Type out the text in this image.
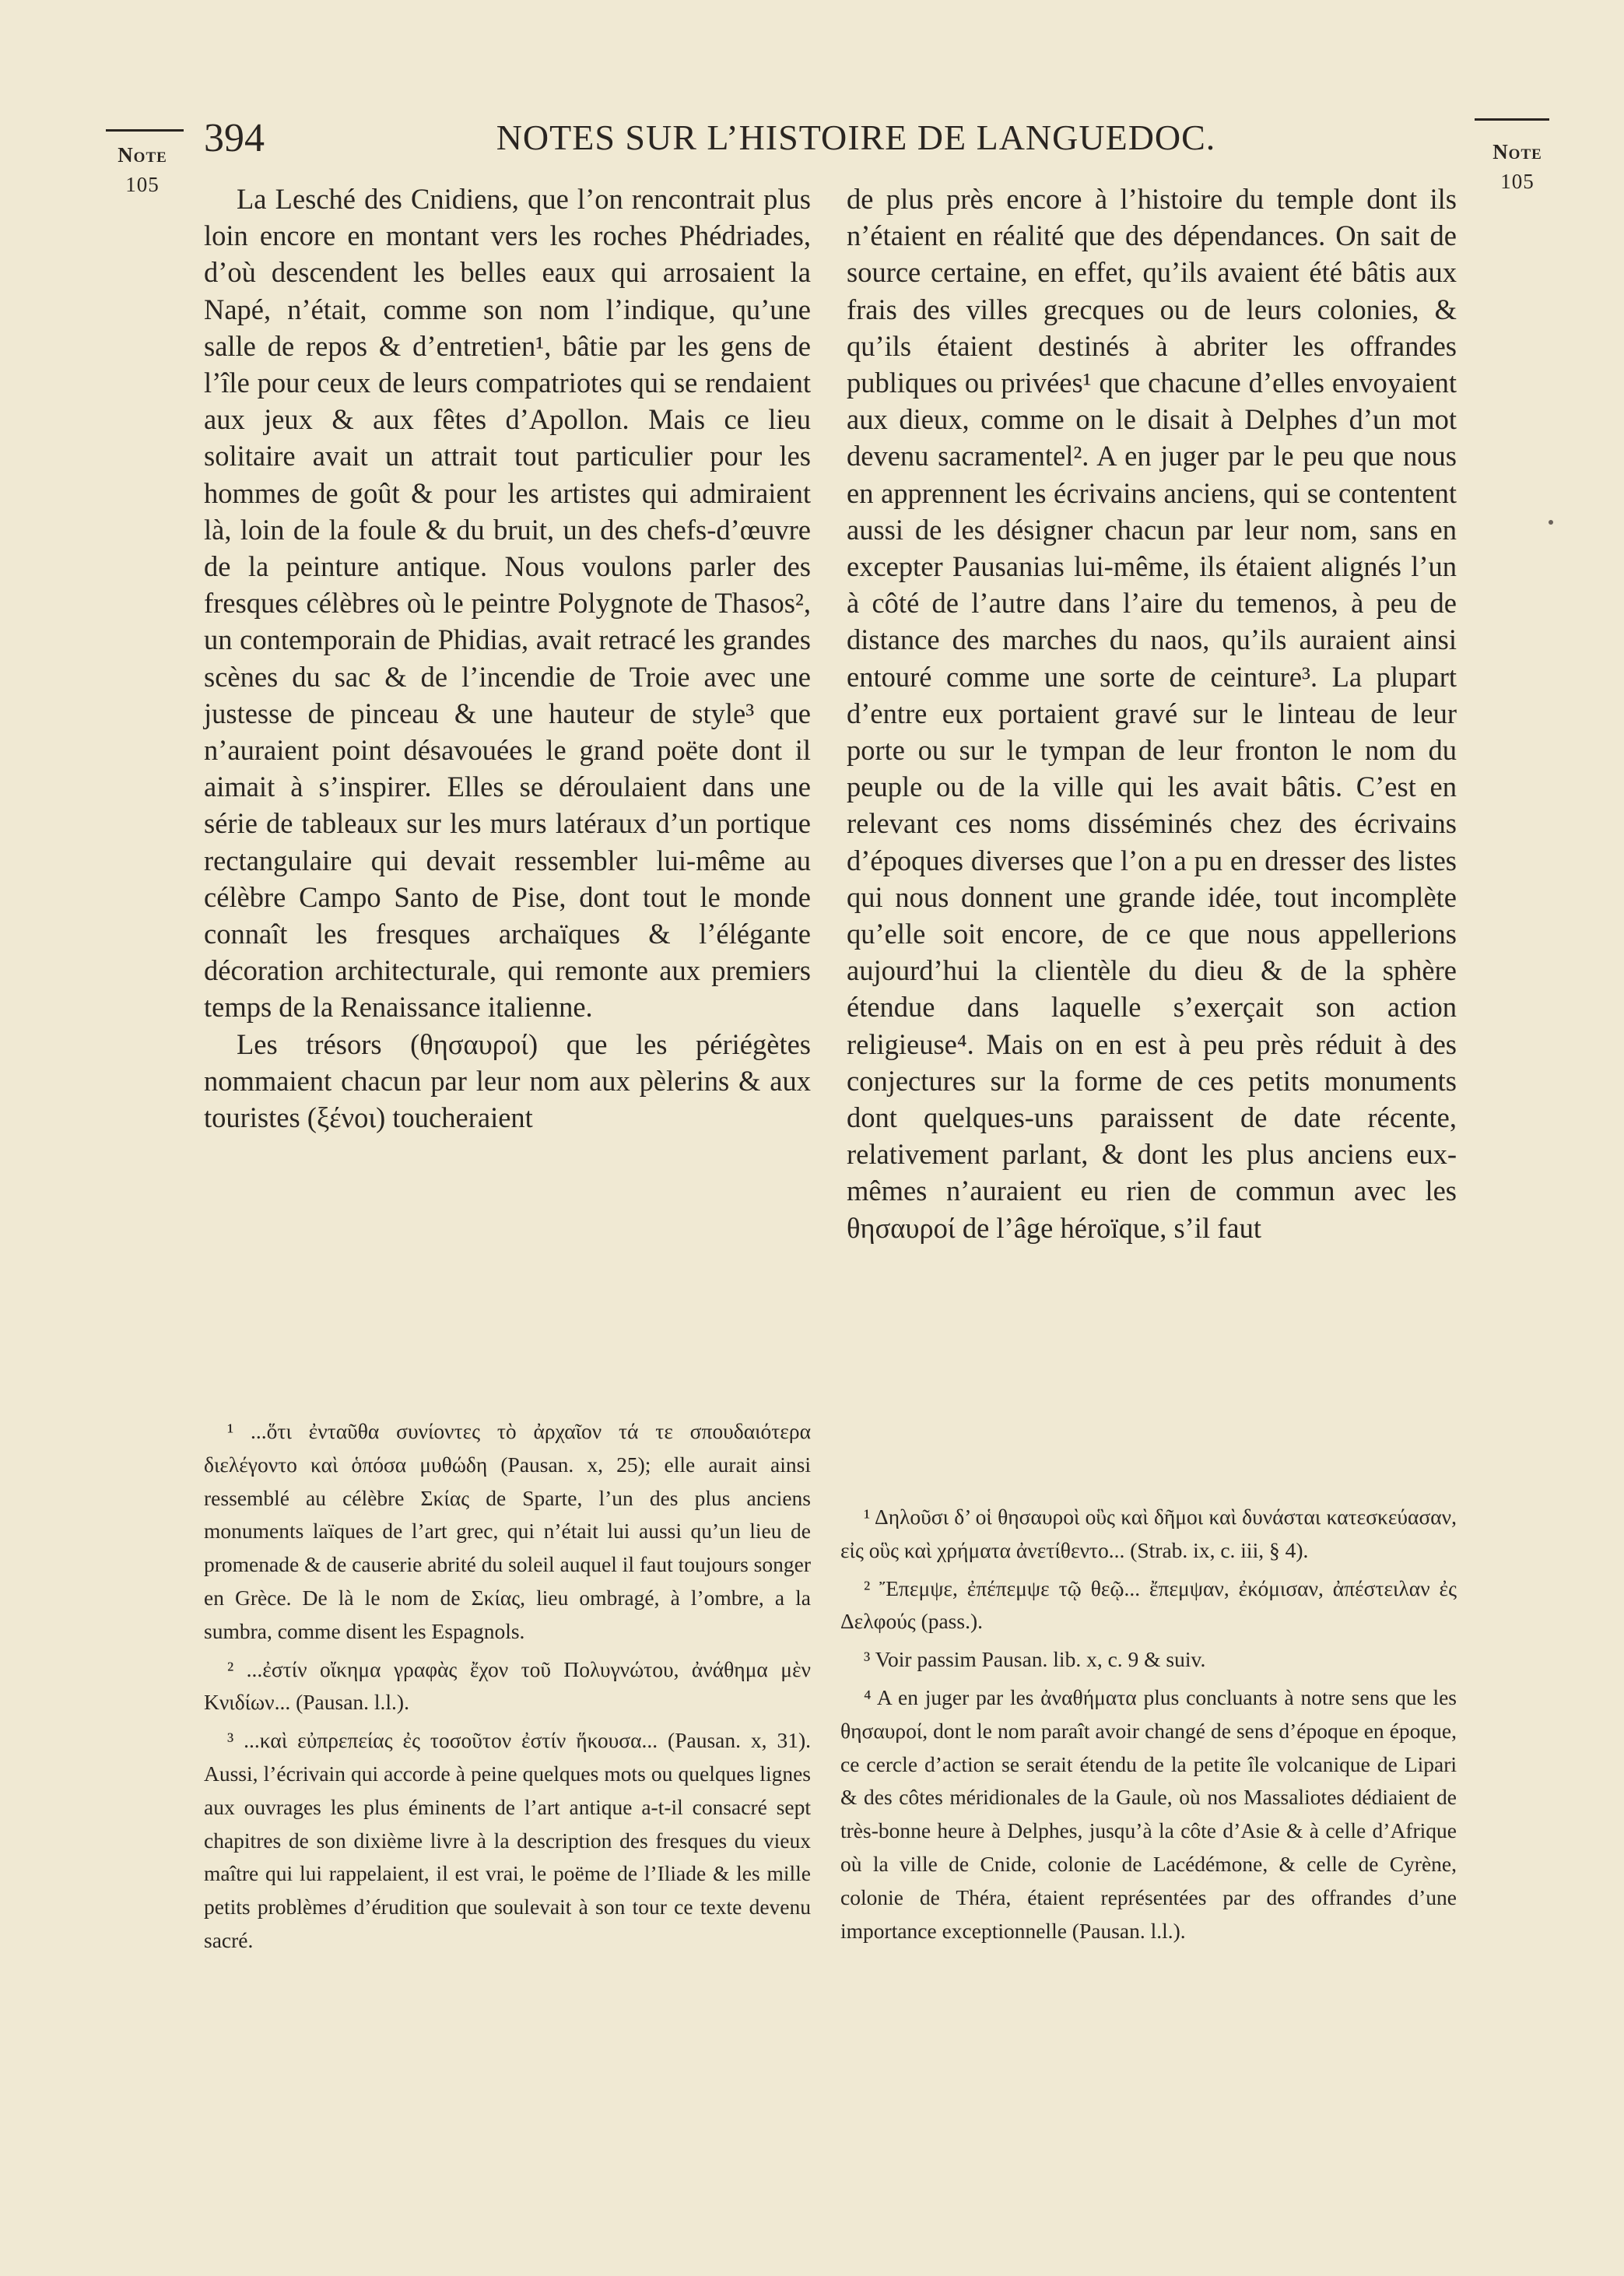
Note
105
Note
105
394	NOTES SUR L’HISTOIRE DE LANGUEDOC.

La Lesché des Cnidiens, que l’on rencontrait plus loin encore en montant vers les roches Phédriades, d’où descendent les belles eaux qui arrosaient la Napé, n’était, comme son nom l’indique, qu’une salle de repos & d’entretien¹, bâtie par les gens de l’île pour ceux de leurs compatriotes qui se rendaient aux jeux & aux fêtes d’Apollon. Mais ce lieu solitaire avait un attrait tout particulier pour les hommes de goût & pour les artistes qui admiraient là, loin de la foule & du bruit, un des chefs-d’œuvre de la peinture antique. Nous voulons parler des fresques célèbres où le peintre Polygnote de Thasos², un contemporain de Phidias, avait retracé les grandes scènes du sac & de l’incendie de Troie avec une justesse de pinceau & une hauteur de style³ que n’auraient point désavouées le grand poëte dont il aimait à s’inspirer. Elles se déroulaient dans une série de tableaux sur les murs latéraux d’un portique rectangulaire qui devait ressembler lui-même au célèbre Campo Santo de Pise, dont tout le monde connaît les fresques archaïques & l’élégante décoration architecturale, qui remonte aux premiers temps de la Renaissance italienne.

Les trésors (θησαυροί) que les périégètes nommaient chacun par leur nom aux pèlerins & aux touristes (ξένοι) toucheraient

de plus près encore à l’histoire du temple dont ils n’étaient en réalité que des dépendances. On sait de source certaine, en effet, qu’ils avaient été bâtis aux frais des villes grecques ou de leurs colonies, & qu’ils étaient destinés à abriter les offrandes publiques ou privées¹ que chacune d’elles envoyaient aux dieux, comme on le disait à Delphes d’un mot devenu sacramentel². A en juger par le peu que nous en apprennent les écrivains anciens, qui se contentent aussi de les désigner chacun par leur nom, sans en excepter Pausanias lui-même, ils étaient alignés l’un à côté de l’autre dans l’aire du temenos, à peu de distance des marches du naos, qu’ils auraient ainsi entouré comme une sorte de ceinture³. La plupart d’entre eux portaient gravé sur le linteau de leur porte ou sur le tympan de leur fronton le nom du peuple ou de la ville qui les avait bâtis. C’est en relevant ces noms disséminés chez des écrivains d’époques diverses que l’on a pu en dresser des listes qui nous donnent une grande idée, tout incomplète qu’elle soit encore, de ce que nous appellerions aujourd’hui la clientèle du dieu & de la sphère étendue dans laquelle s’exerçait son action religieuse⁴. Mais on en est à peu près réduit à des conjectures sur la forme de ces petits monuments dont quelques-uns paraissent de date récente, relativement parlant, & dont les plus anciens eux-mêmes n’auraient eu rien de commun avec les θησαυροί de l’âge héroïque, s’il faut

¹ ...ὅτι ἐνταῦθα συνίοντες τὸ ἀρχαῖον τά τε σπουδαιότερα διελέγοντο καὶ ὁπόσα μυθώδη (Pausan. x, 25); elle aurait ainsi ressemblé au célèbre Σκίας de Sparte, l’un des plus anciens monuments laïques de l’art grec, qui n’était lui aussi qu’un lieu de promenade & de causerie abrité du soleil auquel il faut toujours songer en Grèce. De là le nom de Σκίας, lieu ombragé, à l’ombre, a la sumbra, comme disent les Espagnols.

² ...ἐστίν οἴκημα γραφὰς ἔχον τοῦ Πολυγνώτου, ἀνάθημα μὲν Κνιδίων... (Pausan. l.l.).

³ ...καὶ εὐπρεπείας ἐς τοσοῦτον ἐστίν ἥκουσα... (Pausan. x, 31). Aussi, l’écrivain qui accorde à peine quelques mots ou quelques lignes aux ouvrages les plus éminents de l’art antique a-t-il consacré sept chapitres de son dixième livre à la description des fresques du vieux maître qui lui rappelaient, il est vrai, le poëme de l’Iliade & les mille petits problèmes d’érudition que soulevait à son tour ce texte devenu sacré.

¹ Δηλοῦσι δ’ οἱ θησαυροὶ οὓς καὶ δῆμοι καὶ δυνάσται κατεσκεύασαν, εἰς οὓς καὶ χρήματα ἀνετίθεντο... (Strab. ix, c. iii, § 4).

² Ἔπεμψε, ἐπέπεμψε τῷ θεῷ... ἔπεμψαν, ἐκόμισαν, ἀπέστειλαν ἐς Δελφούς (pass.).

³ Voir passim Pausan. lib. x, c. 9 & suiv.

⁴ A en juger par les ἀναθήματα plus concluants à notre sens que les θησαυροί, dont le nom paraît avoir changé de sens d’époque en époque, ce cercle d’action se serait étendu de la petite île volcanique de Lipari & des côtes méridionales de la Gaule, où nos Massaliotes dédiaient de très-bonne heure à Delphes, jusqu’à la côte d’Asie & à celle d’Afrique où la ville de Cnide, colonie de Lacédémone, & celle de Cyrène, colonie de Théra, étaient représentées par des offrandes d’une importance exceptionnelle (Pausan. l.l.).
